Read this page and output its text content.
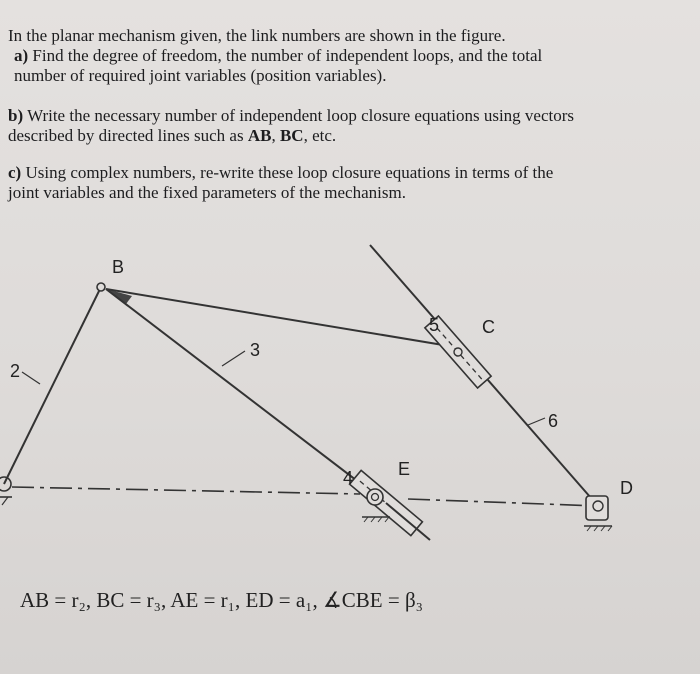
In the planar mechanism given, the link numbers are shown in the figure.

a) Find the degree of freedom, the number of independent loops, and the total

number of required joint variables (position variables).

b) Write the necessary number of independent loop closure equations using vectors

described by directed lines such as AB, BC, etc.

c) Using complex numbers, re-write these loop closure equations in terms of the

joint variables and the fixed parameters of the mechanism.

2
B
3
6
5 C
4 E
D
AB = r₂, BC = r₃, AE = r₁, ED = a₁, ∡CBE = β₃
